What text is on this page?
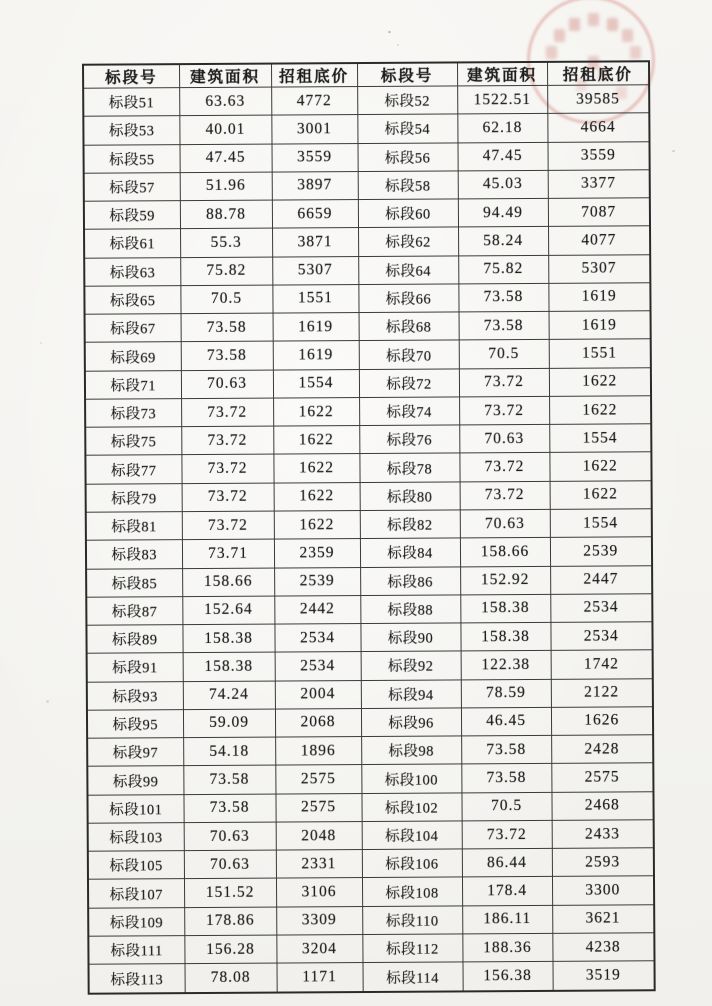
标段号	建筑面积	招租底价	标段号	建筑面积	招租底价
标段51	63.63	4772	标段52	1522.51	39585
标段53	40.01	3001	标段54	62.18	4664
标段55	47.45	3559	标段56	47.45	3559
标段57	51.96	3897	标段58	45.03	3377
标段59	88.78	6659	标段60	94.49	7087
标段61	55.3	3871	标段62	58.24	4077
标段63	75.82	5307	标段64	75.82	5307
标段65	70.5	1551	标段66	73.58	1619
标段67	73.58	1619	标段68	73.58	1619
标段69	73.58	1619	标段70	70.5	1551
标段71	70.63	1554	标段72	73.72	1622
标段73	73.72	1622	标段74	73.72	1622
标段75	73.72	1622	标段76	70.63	1554
标段77	73.72	1622	标段78	73.72	1622
标段79	73.72	1622	标段80	73.72	1622
标段81	73.72	1622	标段82	70.63	1554
标段83	73.71	2359	标段84	158.66	2539
标段85	158.66	2539	标段86	152.92	2447
标段87	152.64	2442	标段88	158.38	2534
标段89	158.38	2534	标段90	158.38	2534
标段91	158.38	2534	标段92	122.38	1742
标段93	74.24	2004	标段94	78.59	2122
标段95	59.09	2068	标段96	46.45	1626
标段97	54.18	1896	标段98	73.58	2428
标段99	73.58	2575	标段100	73.58	2575
标段101	73.58	2575	标段102	70.5	2468
标段103	70.63	2048	标段104	73.72	2433
标段105	70.63	2331	标段106	86.44	2593
标段107	151.52	3106	标段108	178.4	3300
标段109	178.86	3309	标段110	186.11	3621
标段111	156.28	3204	标段112	188.36	4238
标段113	78.08	1171	标段114	156.38	3519
